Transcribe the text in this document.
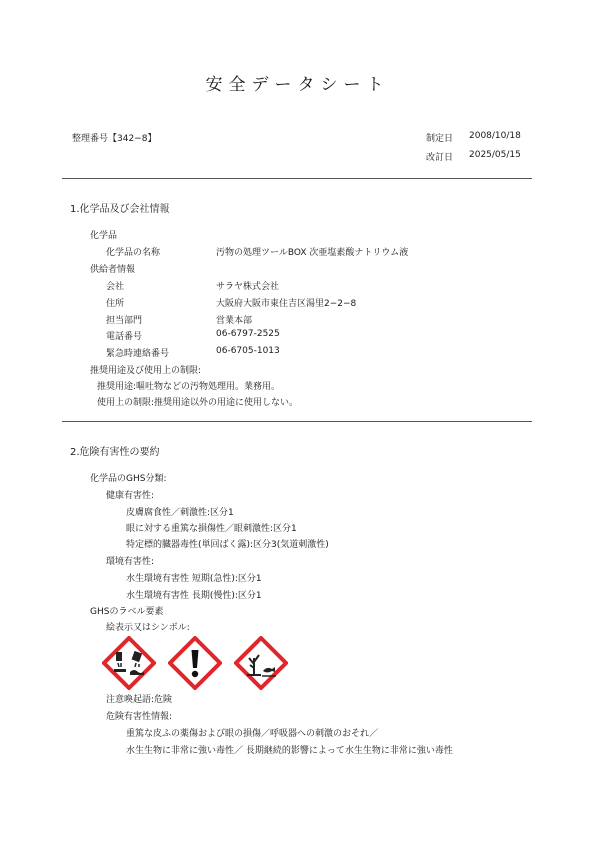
安全データシート
整理番号【342−8】	制定日 2008/10/18
改訂日 2025/05/15
1.化学品及び会社情報
化学品
化学品の名称	汚物の処理ツールBOX 次亜塩素酸ナトリウム液
供給者情報
会社	サラヤ株式会社
住所	大阪府大阪市東住吉区湯里2−2−8
担当部門	営業本部
電話番号	06-6797-2525
緊急時連絡番号	06-6705-1013
推奨用途及び使用上の制限:
推奨用途:嘔吐物などの汚物処理用。業務用。
使用上の制限:推奨用途以外の用途に使用しない。
2.危険有害性の要約
化学品のGHS分類:
健康有害性:
皮膚腐食性／刺激性:区分1
眼に対する重篤な損傷性／眼刺激性:区分1
特定標的臓器毒性(単回ばく露):区分3(気道刺激性)
環境有害性:
水生環境有害性 短期(急性):区分1
水生環境有害性 長期(慢性):区分1
GHSのラベル要素
絵表示又はシンボル:
注意喚起語:危険
危険有害性情報:
重篤な皮ふの薬傷および眼の損傷／呼吸器への刺激のおそれ／
水生生物に非常に強い毒性／ 長期継続的影響によって水生生物に非常に強い毒性
